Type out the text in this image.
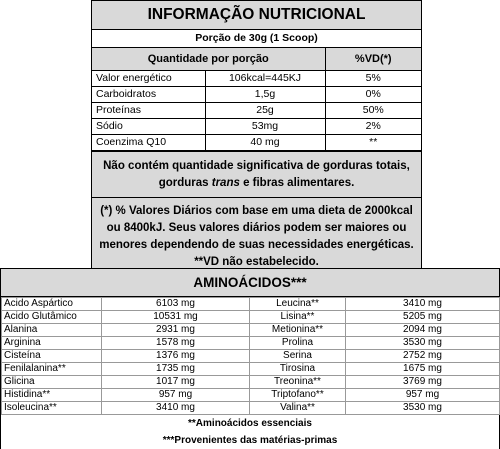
INFORMAÇÃO NUTRICIONAL
Porção de 30g (1 Scoop)
Quantidade por porção		%VD(*)
Valor energético	106kcal=445KJ	5%
Carboidratos	1,5g	0%
Proteínas	25g	50%
Sódio	53mg	2%
Coenzima Q10	40 mg	**
Não contém quantidade significativa de gorduras totais, gorduras trans e fibras alimentares.
(*) % Valores Diários com base em uma dieta de 2000kcal ou 8400kJ. Seus valores diários podem ser maiores ou menores dependendo de suas necessidades energéticas. **VD não estabelecido.
AMINOÁCIDOS***
Ácido Aspártico	6103 mg	Leucina**	3410 mg
Ácido Glutâmico	10531 mg	Lisina**	5205 mg
Alanina	2931 mg	Metionina**	2094 mg
Arginina	1578 mg	Prolina	3530 mg
Cisteína	1376 mg	Serina	2752 mg
Fenilalanina**	1735 mg	Tirosina	1675 mg
Glicina	1017 mg	Treonina**	3769 mg
Histidina**	957 mg	Triptofano**	957 mg
Isoleucina**	3410 mg	Valina**	3530 mg
**Aminoácidos essenciais
***Provenientes das matérias-primas
